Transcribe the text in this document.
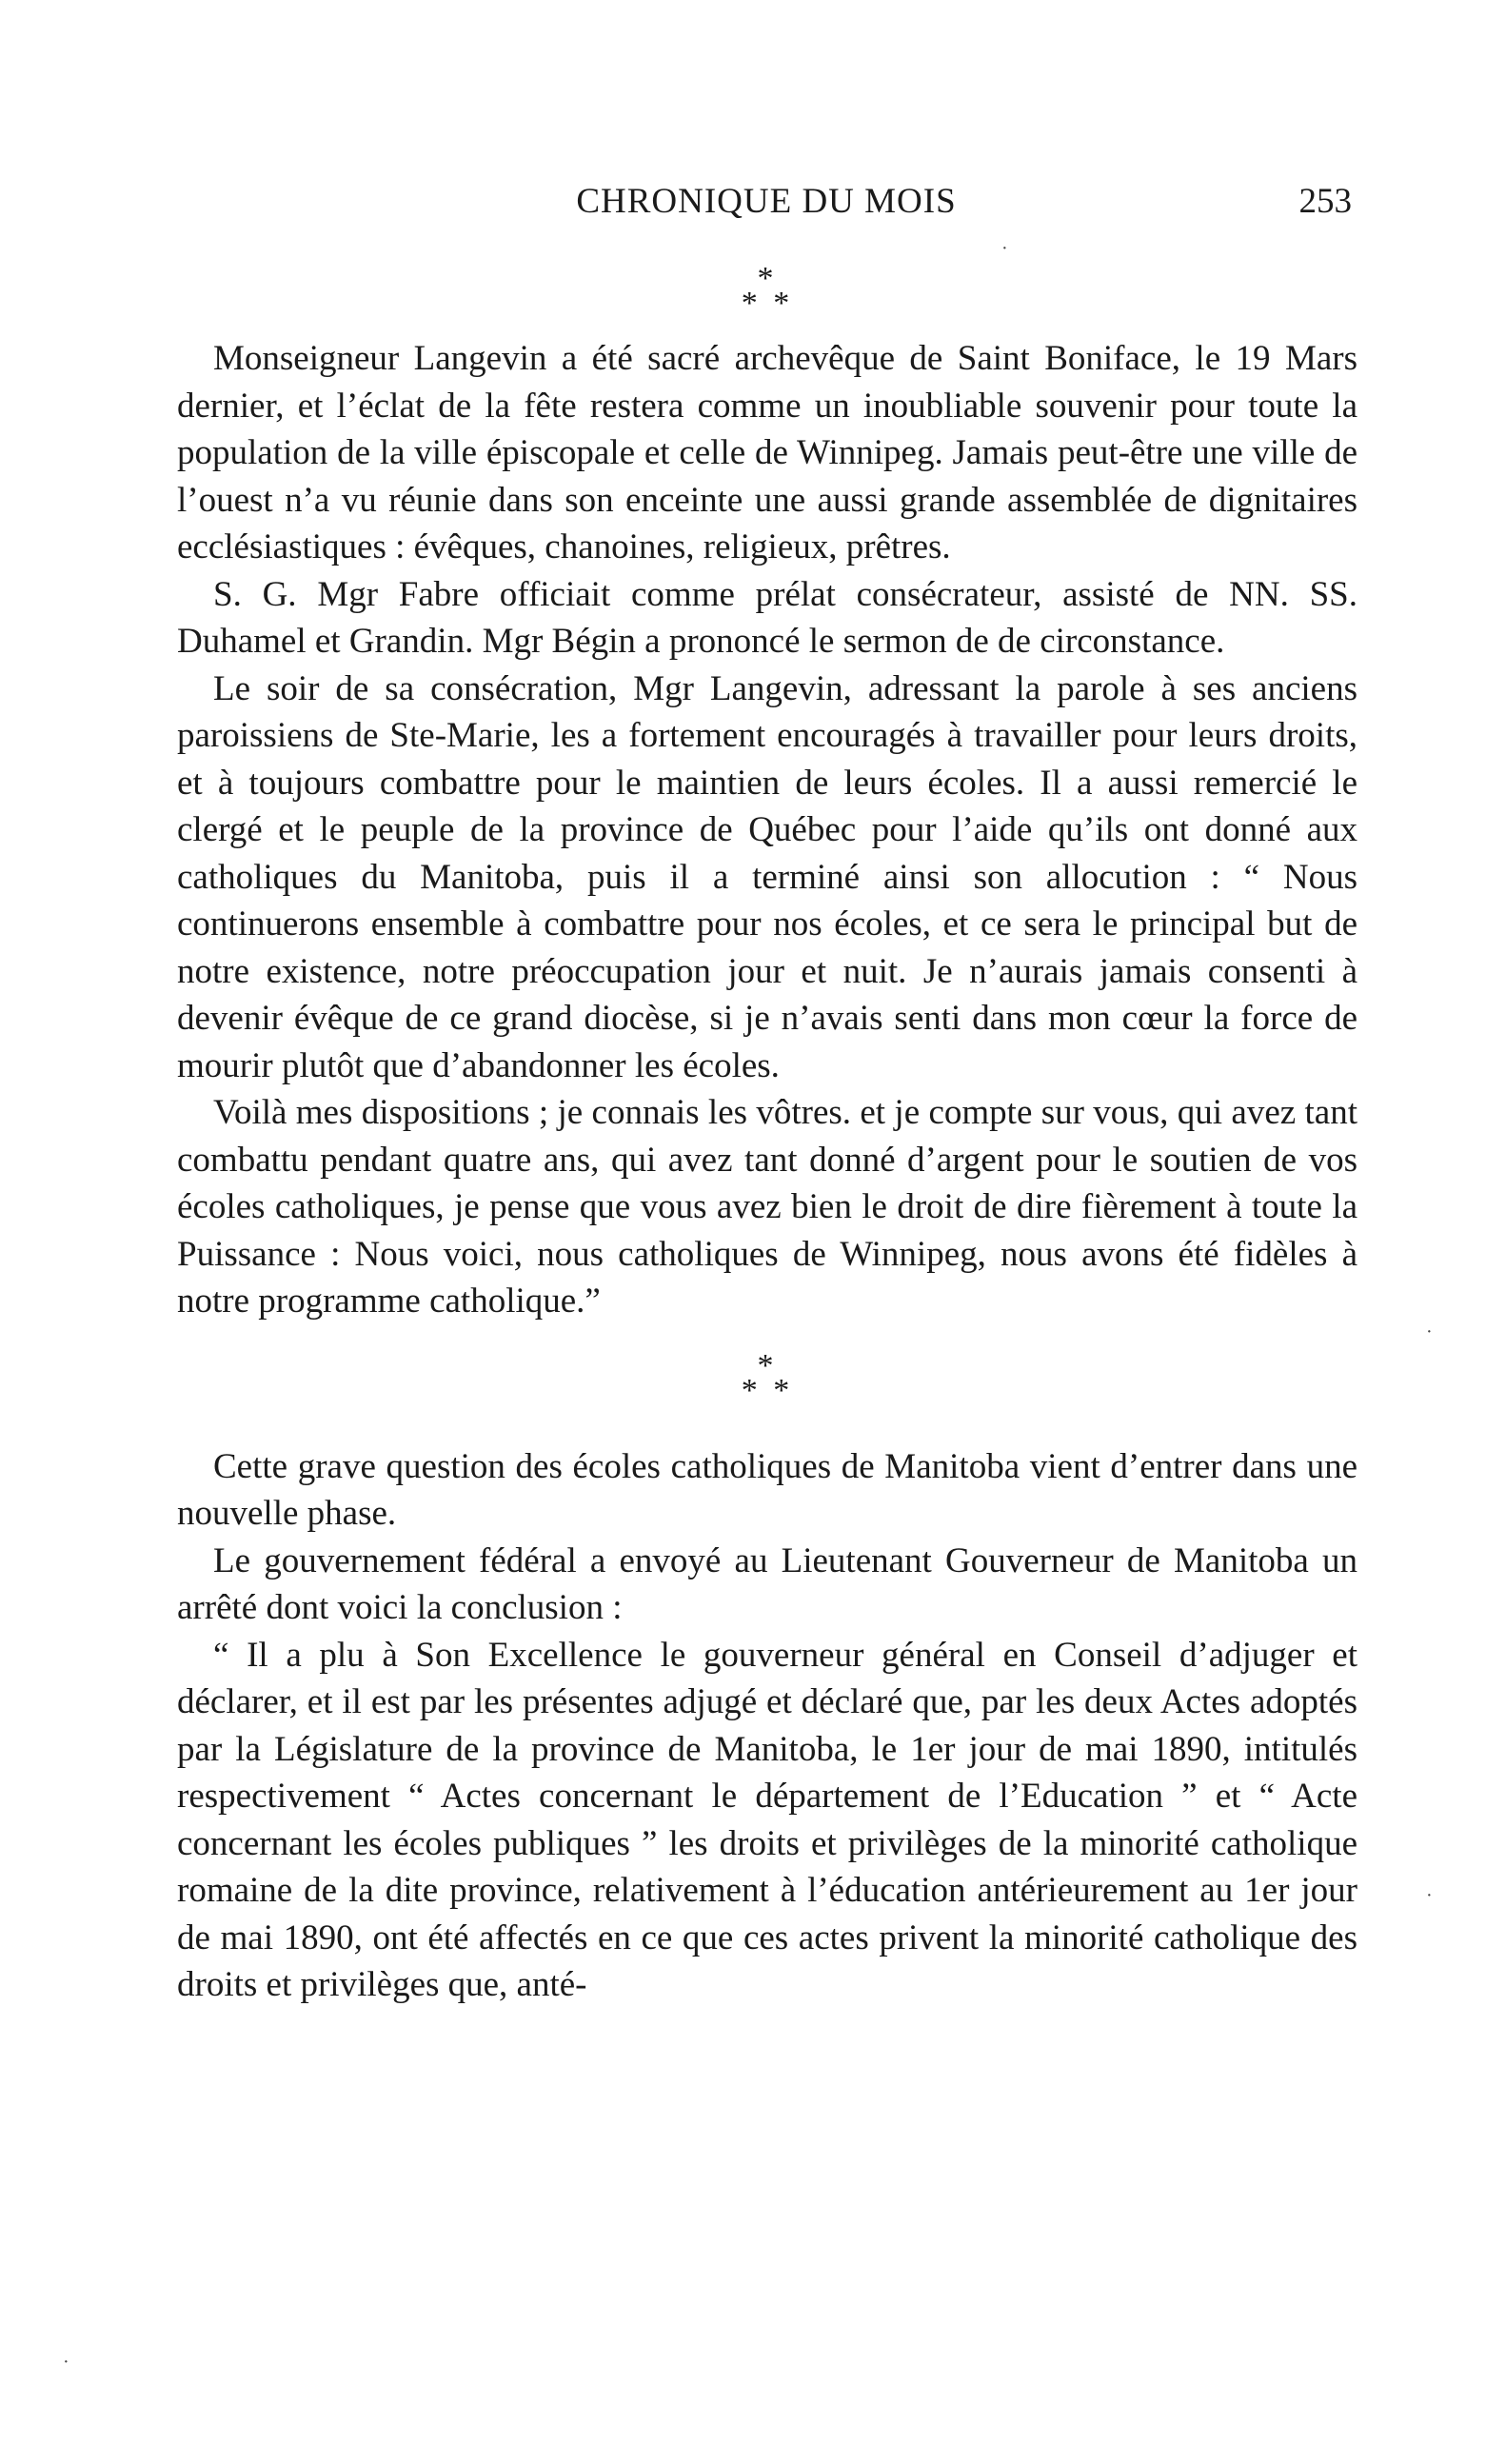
CHRONIQUE DU MOIS	253
*
* *

Monseigneur Langevin a été sacré archevêque de Saint Boniface, le 19 Mars dernier, et l’éclat de la fête restera comme un inoubliable souvenir pour toute la population de la ville épiscopale et celle de Winnipeg. Jamais peut-être une ville de l’ouest n’a vu réunie dans son enceinte une aussi grande assemblée de dignitaires ecclésiastiques : évêques, chanoines, religieux, prêtres.

S. G. Mgr Fabre officiait comme prélat consécrateur, assisté de NN. SS. Duhamel et Grandin. Mgr Bégin a prononcé le sermon de de circonstance.

Le soir de sa consécration, Mgr Langevin, adressant la parole à ses anciens paroissiens de Ste-Marie, les a fortement encouragés à travailler pour leurs droits, et à toujours combattre pour le maintien de leurs écoles. Il a aussi remercié le clergé et le peuple de la province de Québec pour l’aide qu’ils ont donné aux catholiques du Manitoba, puis il a terminé ainsi son allocution : “ Nous continuerons ensemble à combattre pour nos écoles, et ce sera le principal but de notre existence, notre préoccupation jour et nuit. Je n’aurais jamais consenti à devenir évêque de ce grand diocèse, si je n’avais senti dans mon cœur la force de mourir plutôt que d’abandonner les écoles.

Voilà mes dispositions ; je connais les vôtres. et je compte sur vous, qui avez tant combattu pendant quatre ans, qui avez tant donné d’argent pour le soutien de vos écoles catholiques, je pense que vous avez bien le droit de dire fièrement à toute la Puissance : Nous voici, nous catholiques de Winnipeg, nous avons été fidèles à notre programme catholique.”

*
* *

Cette grave question des écoles catholiques de Manitoba vient d’entrer dans une nouvelle phase.

Le gouvernement fédéral a envoyé au Lieutenant Gouverneur de Manitoba un arrêté dont voici la conclusion :

“ Il a plu à Son Excellence le gouverneur général en Conseil d’adjuger et déclarer, et il est par les présentes adjugé et déclaré que, par les deux Actes adoptés par la Législature de la province de Manitoba, le 1er jour de mai 1890, intitulés respectivement “ Actes concernant le département de l’Education ” et “ Acte concernant les écoles publiques ” les droits et privilèges de la minorité catholique romaine de la dite province, relativement à l’éducation antérieurement au 1er jour de mai 1890, ont été affectés en ce que ces actes privent la minorité catholique des droits et privilèges que, anté-

·
·
·
·
